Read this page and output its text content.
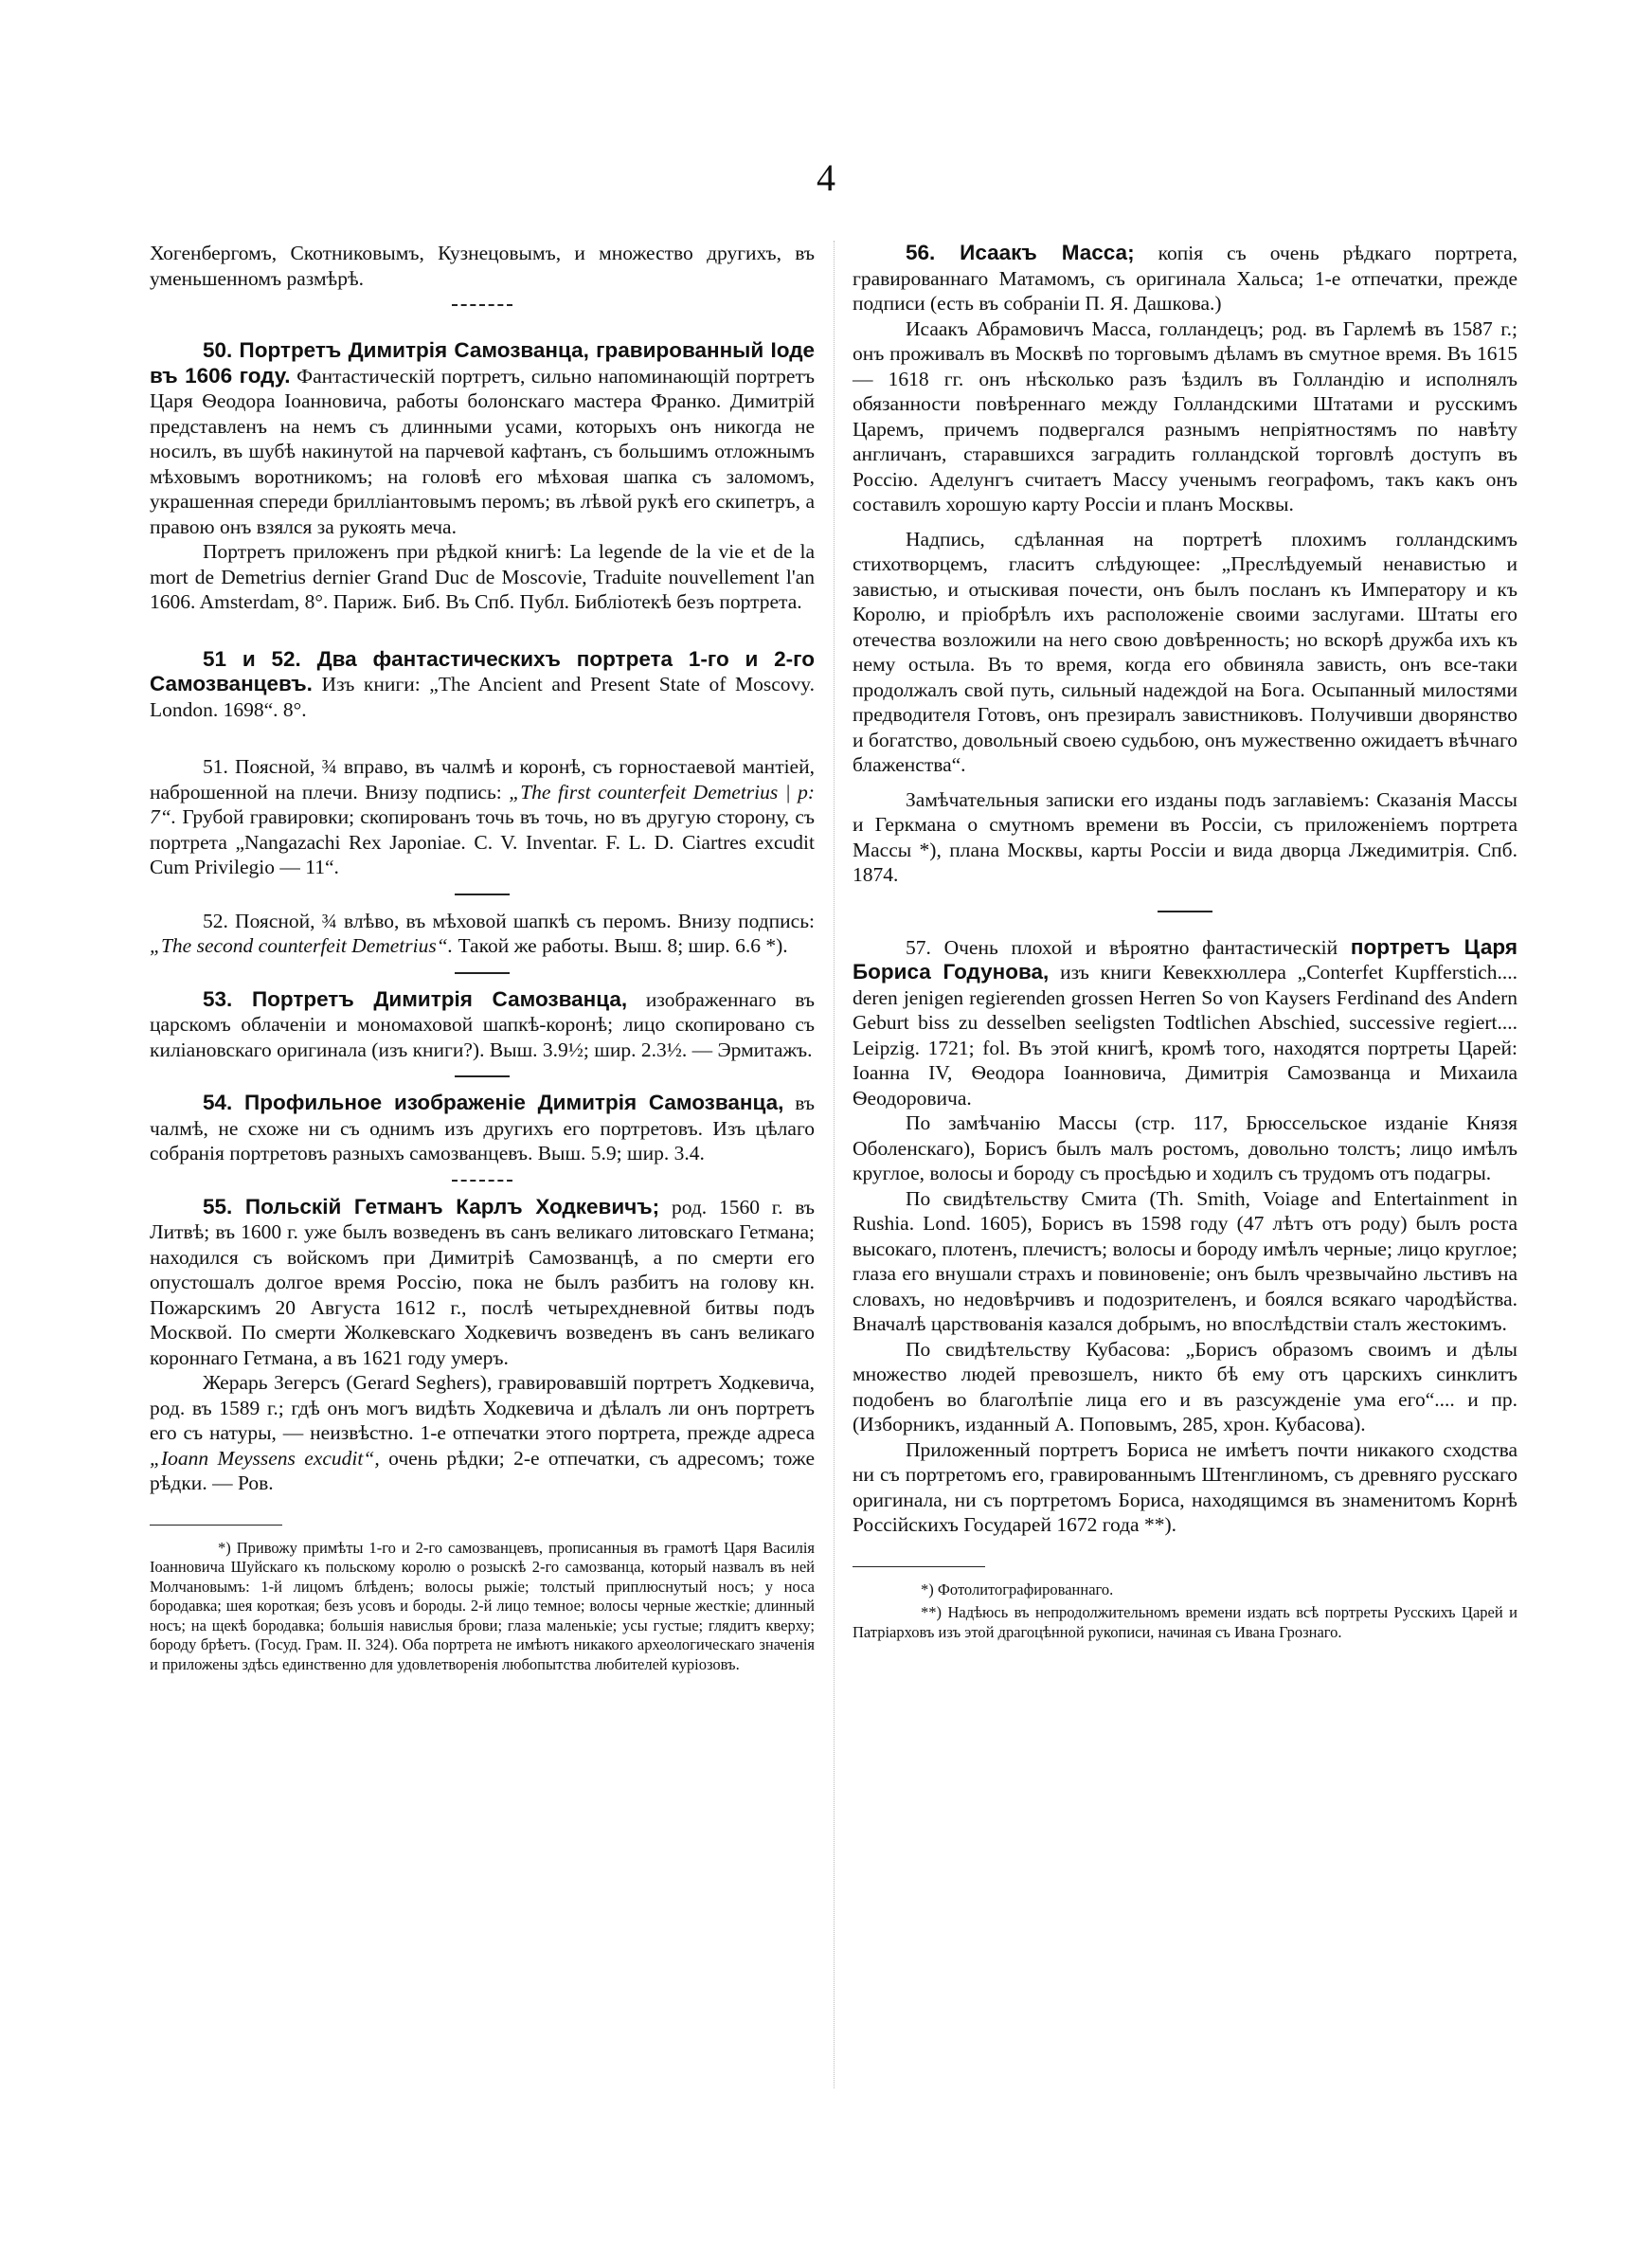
4

Хогенбергомъ, Скотниковымъ, Кузнецовымъ, и множество другихъ, въ уменьшенномъ размѣрѣ.

50. Портретъ Димитрія Самозванца, гравированный Іоде въ 1606 году. Фантастическій портретъ, сильно напоминающій портретъ Царя Ѳеодора Іоанновича, работы болонскаго мастера Франко. Димитрій представленъ на немъ съ длинными усами, которыхъ онъ никогда не носилъ, въ шубѣ накинутой на парчевой кафтанъ, съ большимъ отложнымъ мѣховымъ воротникомъ; на головѣ его мѣховая шапка съ заломомъ, украшенная спереди бриллiантовымъ перомъ; въ лѣвой рукѣ его скипетръ, а правою онъ взялся за рукоять меча.

Портретъ приложенъ при рѣдкой книгѣ: La legende de la vie et de la mort de Demetrius dernier Grand Duc de Moscovie, Traduite nouvellement l'an 1606. Amsterdam, 8°. Париж. Биб. Въ Спб. Публ. Библiотекѣ безъ портрета.

51 и 52. Два фантастическихъ портрета 1-го и 2-го Самозванцевъ. Изъ книги: „The Ancient and Present State of Moscovy. London. 1698“. 8°.

51. Поясной, ¾ вправо, въ чалмѣ и коронѣ, съ горностаевой мантiей, наброшенной на плечи. Внизу подпись: „The first counterfeit Demetrius | p: 7“. Грубой гравировки; скопированъ точь въ точь, но въ другую сторону, съ портрета „Nangazachi Rex Japoniae. C. V. Inventar. F. L. D. Ciartres excudit Cum Privilegio — 11“.

52. Поясной, ¾ влѣво, въ мѣховой шапкѣ съ перомъ. Внизу подпись: „The second counterfeit Demetrius“. Такой же работы. Выш. 8; шир. 6.6 *).

53. Портретъ Димитрія Самозванца, изображеннаго въ царскомъ облаченiи и мономаховой шапкѣ-коронѣ; лицо скопировано съ килiановскаго оригинала (изъ книги?). Выш. 3.9½; шир. 2.3½. — Эрмитажъ.

54. Профильное изображеніе Димитрія Самозванца, въ чалмѣ, не схоже ни съ однимъ изъ другихъ его портретовъ. Изъ цѣлаго собранiя портретовъ разныхъ самозванцевъ. Выш. 5.9; шир. 3.4.

55. Польскій Гетманъ Карлъ Ходкевичъ; род. 1560 г. въ Литвѣ; въ 1600 г. уже былъ возведенъ въ санъ великаго литовскаго Гетмана; находился съ войскомъ при Димитріѣ Самозванцѣ, а по смерти его опустошалъ долгое время Россiю, пока не былъ разбитъ на голову кн. Пожарскимъ 20 Августа 1612 г., послѣ четырехдневной битвы подъ Москвой. По смерти Жолкевскаго Ходкевичъ возведенъ въ санъ великаго короннаго Гетмана, а въ 1621 году умеръ.

Жерарь Зегерсъ (Gerard Seghers), гравировавшій портретъ Ходкевича, род. въ 1589 г.; гдѣ онъ могъ видѣть Ходкевича и дѣлалъ ли онъ портретъ его съ натуры, — неизвѣстно. 1-е отпечатки этого портрета, прежде адреса „Ioann Meyssens excudit“, очень рѣдки; 2-е отпечатки, съ адресомъ; тоже рѣдки. — Ров.

*) Привожу примѣты 1-го и 2-го самозванцевъ, прописанныя въ грамотѣ Царя Василія Іоанновича Шуйскаго къ польскому королю о розыскѣ 2-го самозванца, который назвалъ въ ней Молчановымъ: 1-й лицомъ блѣденъ; волосы рыжiе; толстый приплюснутый носъ; у носа бородавка; шея короткая; безъ усовъ и бороды. 2-й лицо темное; волосы черные жесткiе; длинный носъ; на щекѣ бородавка; большiя навислыя брови; глаза маленькiе; усы густые; глядитъ кверху; бороду брѣетъ. (Госуд. Грам. II. 324). Оба портрета не имѣютъ никакого археологическаго значенiя и приложены здѣсь единственно для удовлетворенiя любопытства любителей курiозовъ.

56. Исаакъ Масса; копiя съ очень рѣдкаго портрета, гравированнаго Матамомъ, съ оригинала Хальса; 1-е отпечатки, прежде подписи (есть въ собранiи П. Я. Дашкова.)

Исаакъ Абрамовичъ Масса, голландецъ; род. въ Гарлемѣ въ 1587 г.; онъ проживалъ въ Москвѣ по торговымъ дѣламъ въ смутное время. Въ 1615 — 1618 гг. онъ нѣсколько разъ ѣздилъ въ Голландiю и исполнялъ обязанности повѣреннаго между Голландскими Штатами и русскимъ Царемъ, причемъ подвергался разнымъ непрiятностямъ по навѣту англичанъ, старавшихся заградить голландской торговлѣ доступъ въ Россiю. Аделунгъ считаетъ Массу ученымъ географомъ, такъ какъ онъ составилъ хорошую карту Россiи и планъ Москвы.

Надпись, сдѣланная на портретѣ плохимъ голландскимъ стихотворцемъ, гласитъ слѣдующее: „Преслѣдуемый ненавистью и завистью, и отыскивая почести, онъ былъ посланъ къ Императору и къ Королю, и прiобрѣлъ ихъ расположенiе своими заслугами. Штаты его отечества возложили на него свою довѣренность; но вскорѣ дружба ихъ къ нему остыла. Въ то время, когда его обвиняла зависть, онъ все-таки продолжалъ свой путь, сильный надеждой на Бога. Осыпанный милостями предводителя Готовъ, онъ презиралъ завистниковъ. Получивши дворянство и богатство, довольный своею судьбою, онъ мужественно ожидаетъ вѣчнаго блаженства“.

Замѣчательныя записки его изданы подъ заглавiемъ: Сказанiя Массы и Геркмана о смутномъ времени въ Россiи, съ приложенiемъ портрета Массы *), плана Москвы, карты Россiи и вида дворца Лжедимитрія. Спб. 1874.

57. Очень плохой и вѣроятно фантастическій портретъ Царя Бориса Годунова, изъ книги Кевекхюллера „Conterfet Kupfferstich.... deren jenigen regierenden grossen Herren So von Kaysers Ferdinand des Andern Geburt biss zu desselben seeligsten Todtlichen Abschied, successive regiert.... Leipzig. 1721; fol. Въ этой книгѣ, кромѣ того, находятся портреты Царей: Іоанна IV, Ѳеодора Іоанновича, Димитрія Самозванца и Михаила Ѳеодоровича.

По замѣчанiю Массы (стр. 117, Брюссельское изданiе Князя Оболенскаго), Борисъ былъ малъ ростомъ, довольно толстъ; лицо имѣлъ круглое, волосы и бороду съ просѣдью и ходилъ съ трудомъ отъ подагры.

По свидѣтельству Смита (Th. Smith, Voiage and Entertainment in Rushia. Lond. 1605), Борисъ въ 1598 году (47 лѣтъ отъ роду) былъ роста высокаго, плотенъ, плечистъ; волосы и бороду имѣлъ черные; лицо круглое; глаза его внушали страхъ и повиновенiе; онъ былъ чрезвычайно льстивъ на словахъ, но недовѣрчивъ и подозрителенъ, и боялся всякаго чародѣйства. Вначалѣ царствованiя казался добрымъ, но впослѣдствiи сталъ жестокимъ.

По свидѣтельству Кубасова: „Борисъ образомъ своимъ и дѣлы множество людей превозшелъ, никто бѣ ему отъ царскихъ синклитъ подобенъ во благолѣпiе лица его и въ разсужденiе ума его“.... и пр. (Изборникъ, изданный А. Поповымъ, 285, хрон. Кубасова).

Приложенный портретъ Бориса не имѣетъ почти никакого сходства ни съ портретомъ его, гравированнымъ Штенглиномъ, съ древняго русскаго оригинала, ни съ портретомъ Бориса, находящимся въ знаменитомъ Корнѣ Россiйскихъ Государей 1672 года **).

*) Фотолитографированнаго.

**) Надѣюсь въ непродолжительномъ времени издать всѣ портреты Русскихъ Царей и Патрiарховъ изъ этой драгоцѣнной рукописи, начиная съ Ивана Грознаго.
